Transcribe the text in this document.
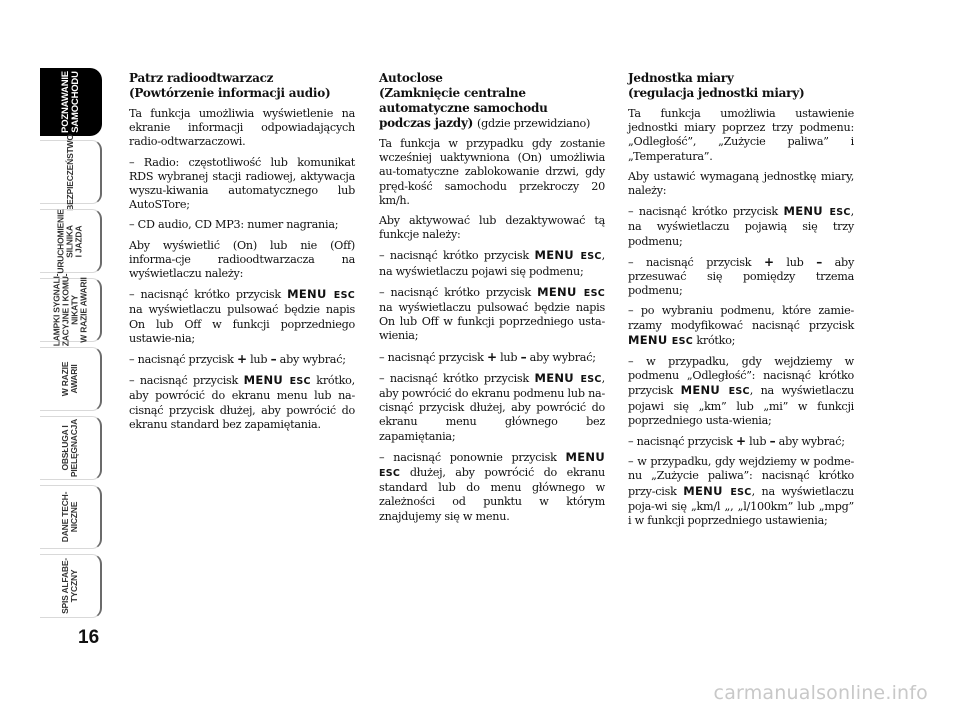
POZNAWANIE
SAMOCHODU
BEZPIECZEŃSTWO
URUCHOMIENIE
SILNIKA
I JAZDA
LAMPKI SYGNALI-
ZACYJNE I KOMU-
NIKATY
W RAZIE AWARII
W RAZIE
AWARII
OBSŁUGA I
PIELĘGNACJA
DANE TECH-
NICZNE
SPIS ALFABE-
TYCZNY
16
Patrz radioodtwarzacz
(Powtórzenie informacji audio)

Ta funkcja umożliwia wyświetlenie na ekranie informacji odpowiadających radio-odtwarzaczowi.

– Radio: częstotliwość lub komunikat RDS wybranej stacji radiowej, aktywacja wyszu-kiwania automatycznego lub AutoSTore;

– CD audio, CD MP3: numer nagrania;

Aby wyświetlić (On) lub nie (Off) informa-cje radioodtwarzacza na wyświetlaczu należy:

– nacisnąć krótko przycisk MENU ESC na wyświetlaczu pulsować będzie napis On lub Off w funkcji poprzedniego ustawie-nia;

– nacisnąć przycisk + lub – aby wybrać;

– nacisnąć przycisk MENU ESC krótko, aby powrócić do ekranu menu lub na-cisnąć przycisk dłużej, aby powrócić do ekranu standard bez zapamiętania.

Autoclose
(Zamknięcie centralne
automatyczne samochodu
podczas jazdy) (gdzie przewidziano)

Ta funkcja w przypadku gdy zostanie wcześniej uaktywniona (On) umożliwia au-tomatyczne zablokowanie drzwi, gdy pręd-kość samochodu przekroczy 20 km/h.

Aby aktywować lub dezaktywować tą funkcje należy:

– nacisnąć krótko przycisk MENU ESC, na wyświetlaczu pojawi się podmenu;

– nacisnąć krótko przycisk MENU ESC na wyświetlaczu pulsować będzie napis On lub Off w funkcji poprzedniego usta-wienia;

– nacisnąć przycisk + lub – aby wybrać;

– nacisnąć krótko przycisk MENU ESC, aby powrócić do ekranu podmenu lub na-cisnąć przycisk dłużej, aby powrócić do ekranu menu głównego bez zapamiętania;

– nacisnąć ponownie przycisk MENU ESC dłużej, aby powrócić do ekranu standard lub do menu głównego w zależności od punktu w którym znajdujemy się w menu.

Jednostka miary
(regulacja jednostki miary)

Ta funkcja umożliwia ustawienie jednostki miary poprzez trzy podmenu: „Odległość”, „Zużycie paliwa” i „Temperatura”.

Aby ustawić wymaganą jednostkę miary, należy:

– nacisnąć krótko przycisk MENU ESC, na wyświetlaczu pojawią się trzy podmenu;

– nacisnąć przycisk + lub – aby przesuwać się pomiędzy trzema podmenu;

– po wybraniu podmenu, które zamie-rzamy modyfikować nacisnąć przycisk MENU ESC krótko;

– w przypadku, gdy wejdziemy w podmenu „Odległość”: nacisnąć krótko przycisk MENU ESC, na wyświetlaczu pojawi się „km” lub „mi” w funkcji poprzedniego usta-wienia;

– nacisnąć przycisk + lub – aby wybrać;

– w przypadku, gdy wejdziemy w podme-nu „Zużycie paliwa”: nacisnąć krótko przy-cisk MENU ESC, na wyświetlaczu poja-wi się „km/l „, „l/100km” lub „mpg” i w funkcji poprzedniego ustawienia;

carmanualsonline.info
